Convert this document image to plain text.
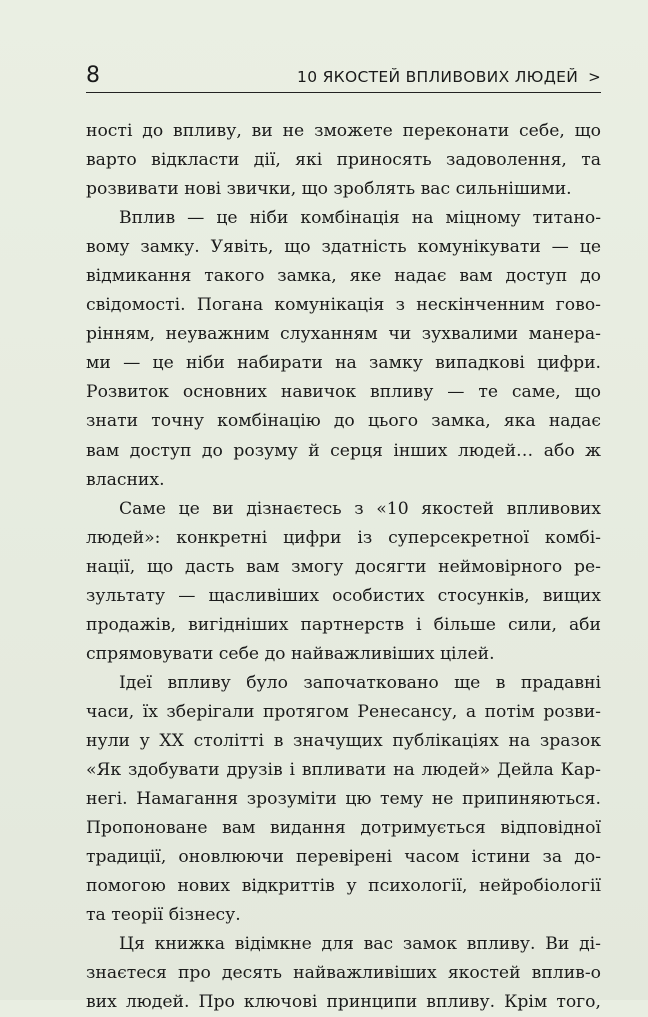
8	10 ЯКОСТЕЙ ВПЛИВОВИХ ЛЮДЕЙ >
ності до впливу, ви не зможете переконати себе, що
варто відкласти дії, які приносять задоволення, та
розвивати нові звички, що зроблять вас сильнішими.
Вплив — це ніби комбінація на міцному титано-
вому замку. Уявіть, що здатність комунікувати — це
відмикання такого замка, яке надає вам доступ до
свідомості. Погана комунікація з нескінченним гово-
рінням, неуважним слуханням чи зухвалими манера-
ми — це ніби набирати на замку випадкові цифри.
Розвиток основних навичок впливу — те саме, що
знати точну комбінацію до цього замка, яка надає
вам доступ до розуму й серця інших людей… або ж
власних.
Саме це ви дізнаєтесь з «10 якостей впливових
людей»: конкретні цифри із суперсекретної комбі-
нації, що дасть вам змогу досягти неймовірного ре-
зультату — щасливіших особистих стосунків, вищих
продажів, вигідніших партнерств і більше сили, аби
спрямовувати себе до найважливіших цілей.
Ідеї впливу було започатковано ще в прадавні
часи, їх зберігали протягом Ренесансу, а потім розви-
нули у XX столітті в значущих публікаціях на зразок
«Як здобувати друзів і впливати на людей» Дейла Кар-
негі. Намагання зрозуміти цю тему не припиняються.
Пропоноване вам видання дотримується відповідної
традиції, оновлюючи перевірені часом істини за до-
помогою нових відкриттів у психології, нейробіології
та теорії бізнесу.
Ця книжка відімкне для вас замок впливу. Ви ді-
знаєтеся про десять найважливіших якостей вплив-о
вих людей. Про ключові принципи впливу. Крім того,
